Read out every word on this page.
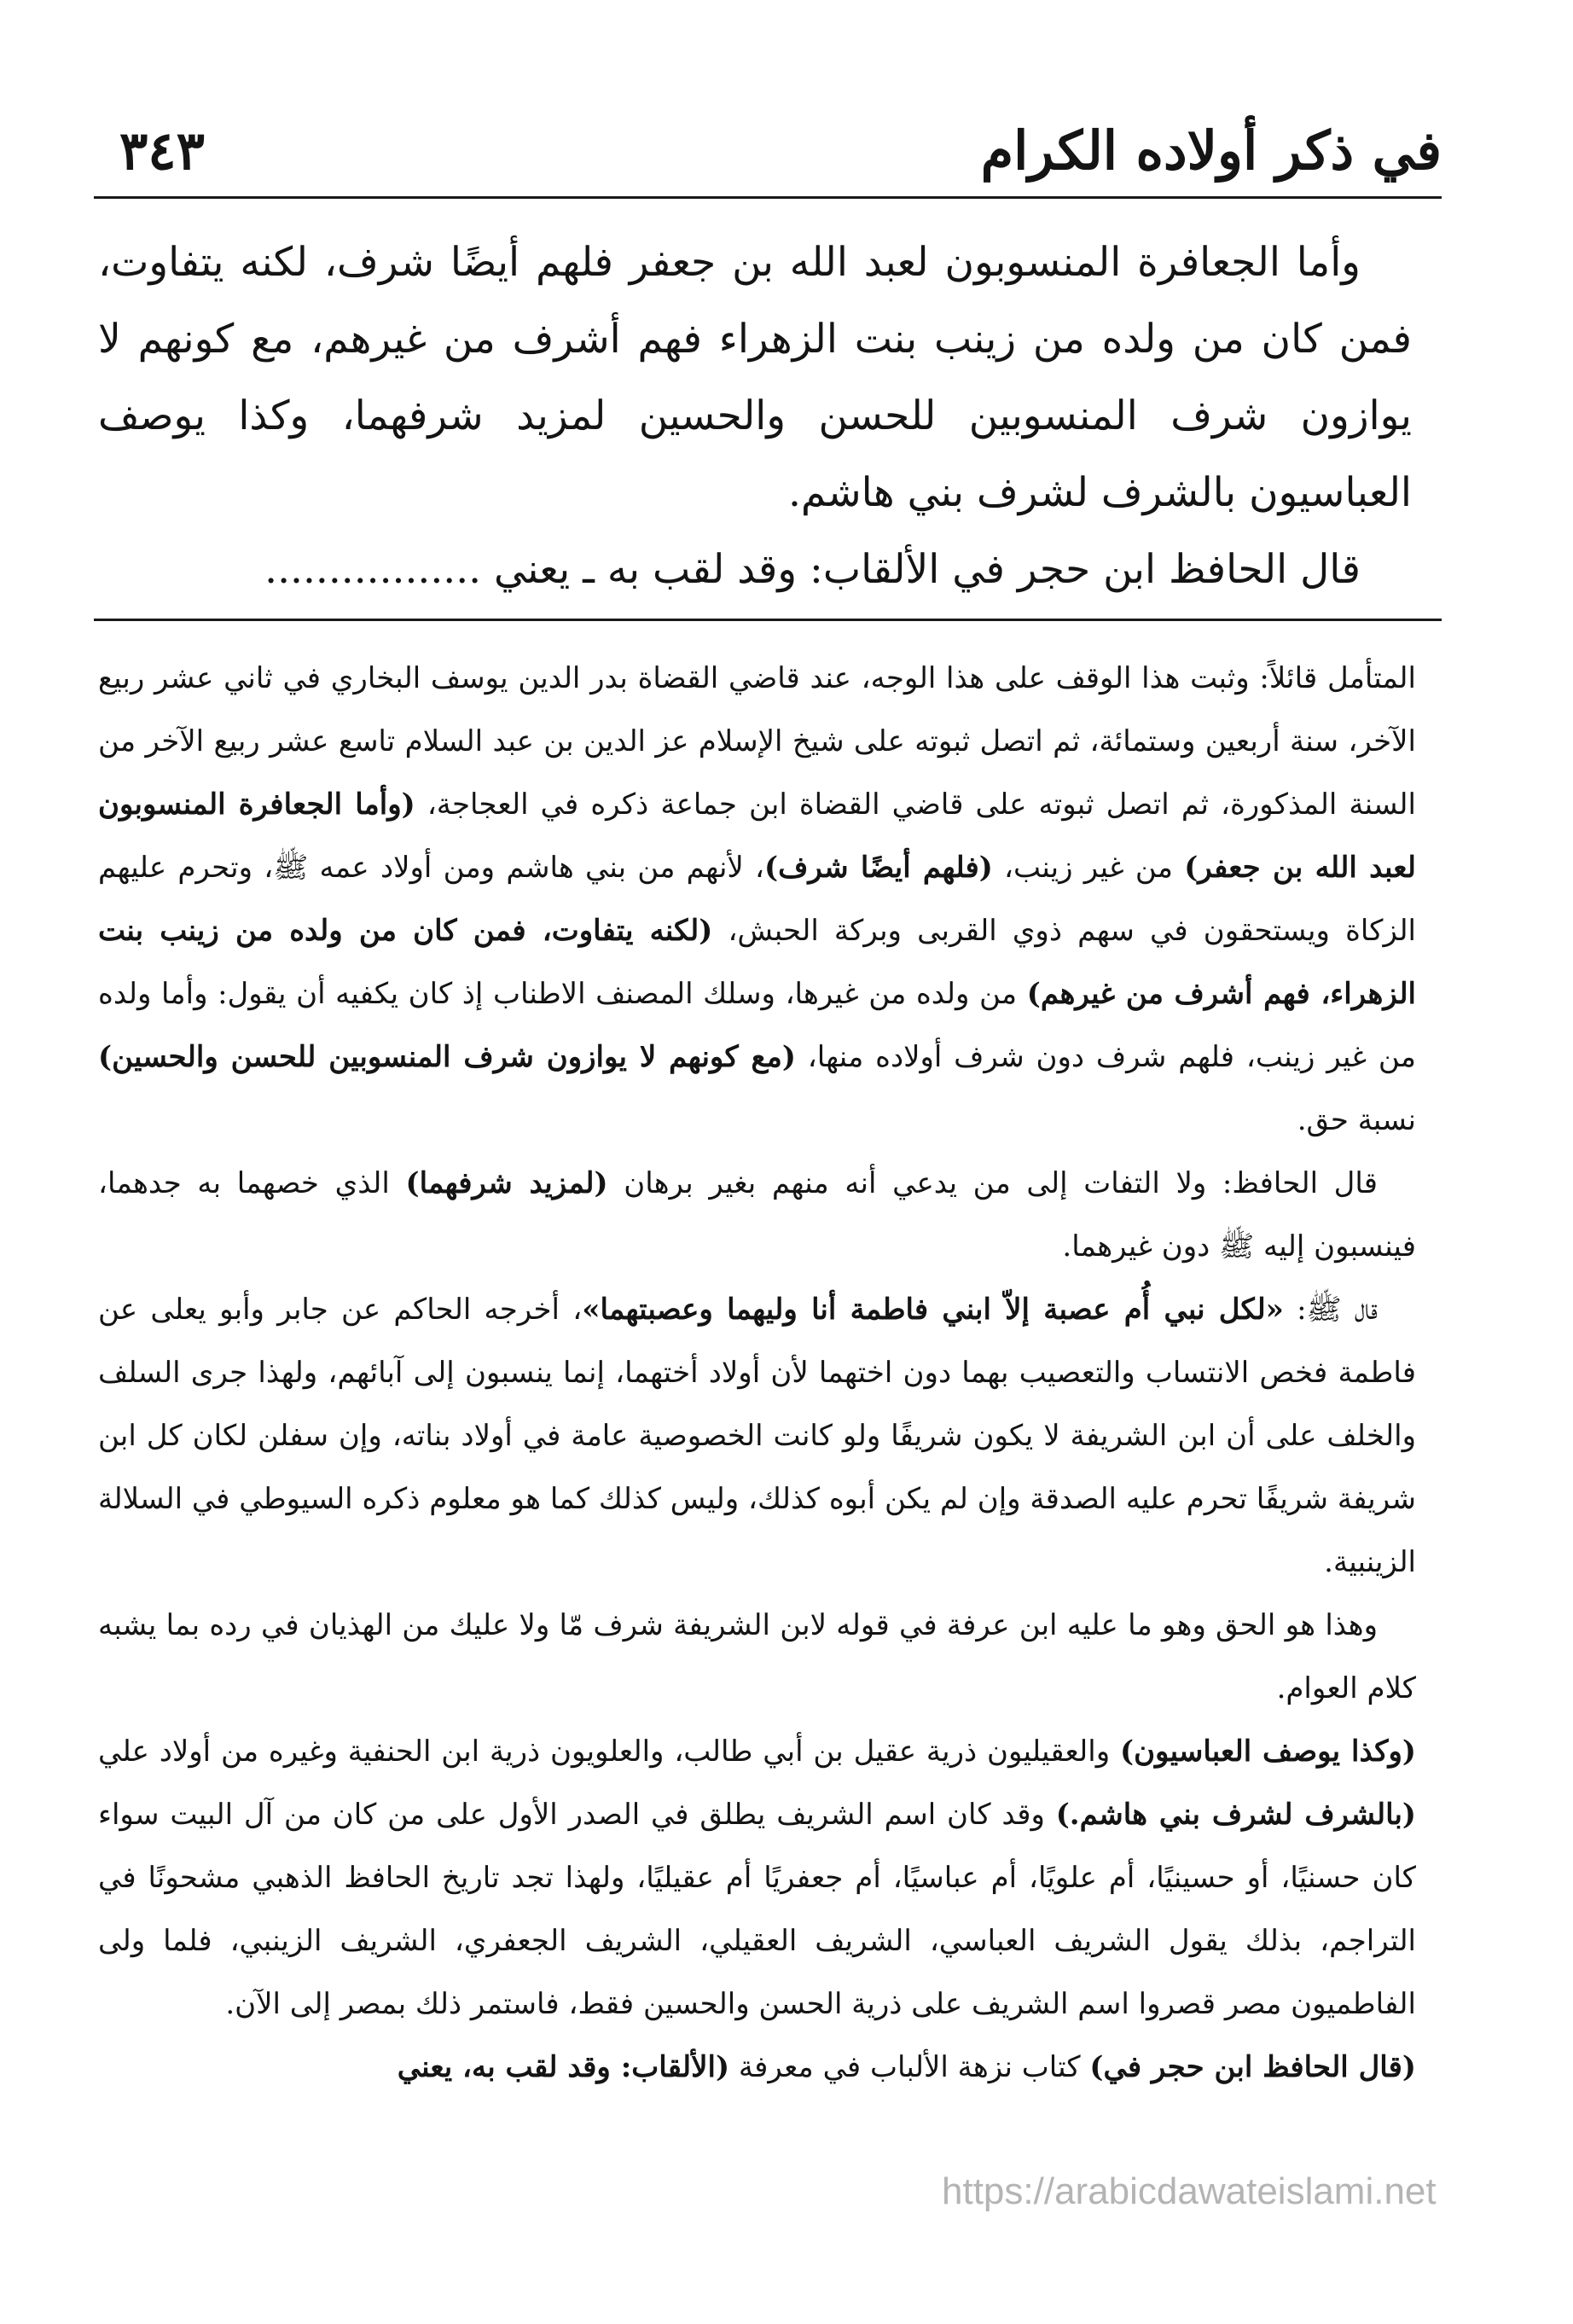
في ذكر أولاده الكرام
٣٤٣

وأما الجعافرة المنسوبون لعبد الله بن جعفر فلهم أيضًا شرف، لكنه يتفاوت، فمن كان من ولده من زينب بنت الزهراء فهم أشرف من غيرهم، مع كونهم لا يوازون شرف المنسوبين للحسن والحسين لمزيد شرفهما، وكذا يوصف العباسيون بالشرف لشرف بني هاشم.

قال الحافظ ابن حجر في الألقاب: وقد لقب به ـ يعني .................

المتأمل قائلاً: وثبت هذا الوقف على هذا الوجه، عند قاضي القضاة بدر الدين يوسف البخاري في ثاني عشر ربيع الآخر، سنة أربعين وستمائة، ثم اتصل ثبوته على شيخ الإسلام عز الدين بن عبد السلام تاسع عشر ربيع الآخر من السنة المذكورة، ثم اتصل ثبوته على قاضي القضاة ابن جماعة ذكره في العجاجة، (وأما الجعافرة المنسوبون لعبد الله بن جعفر) من غير زينب، (فلهم أيضًا شرف)، لأنهم من بني هاشم ومن أولاد عمه ﷺ، وتحرم عليهم الزكاة ويستحقون في سهم ذوي القربى وبركة الحبش، (لكنه يتفاوت، فمن كان من ولده من زينب بنت الزهراء، فهم أشرف من غيرهم) من ولده من غيرها، وسلك المصنف الاطناب إذ كان يكفيه أن يقول: وأما ولده من غير زينب، فلهم شرف دون شرف أولاده منها، (مع كونهم لا يوازون شرف المنسوبين للحسن والحسين) نسبة حق.

قال الحافظ: ولا التفات إلى من يدعي أنه منهم بغير برهان (لمزيد شرفهما) الذي خصهما به جدهما، فينسبون إليه ﷺ دون غيرهما.

قال ﷺ: «لكل نبي أُم عصبة إلاّ ابني فاطمة أنا وليهما وعصبتهما»، أخرجه الحاكم عن جابر وأبو يعلى عن فاطمة فخص الانتساب والتعصيب بهما دون اختهما لأن أولاد أختهما، إنما ينسبون إلى آبائهم، ولهذا جرى السلف والخلف على أن ابن الشريفة لا يكون شريفًا ولو كانت الخصوصية عامة في أولاد بناته، وإن سفلن لكان كل ابن شريفة شريفًا تحرم عليه الصدقة وإن لم يكن أبوه كذلك، وليس كذلك كما هو معلوم ذكره السيوطي في السلالة الزينبية.

وهذا هو الحق وهو ما عليه ابن عرفة في قوله لابن الشريفة شرف مّا ولا عليك من الهذيان في رده بما يشبه كلام العوام.

(وكذا يوصف العباسيون) والعقيليون ذرية عقيل بن أبي طالب، والعلويون ذرية ابن الحنفية وغيره من أولاد علي (بالشرف لشرف بني هاشم.) وقد كان اسم الشريف يطلق في الصدر الأول على من كان من آل البيت سواء كان حسنيًا، أو حسينيًا، أم علويًا، أم عباسيًا، أم جعفريًا أم عقيليًا، ولهذا تجد تاريخ الحافظ الذهبي مشحونًا في التراجم، بذلك يقول الشريف العباسي، الشريف العقيلي، الشريف الجعفري، الشريف الزينبي، فلما ولى الفاطميون مصر قصروا اسم الشريف على ذرية الحسن والحسين فقط، فاستمر ذلك بمصر إلى الآن.

(قال الحافظ ابن حجر في) كتاب نزهة الألباب في معرفة (الألقاب: وقد لقب به، يعني

https://arabicdawateislami.net
